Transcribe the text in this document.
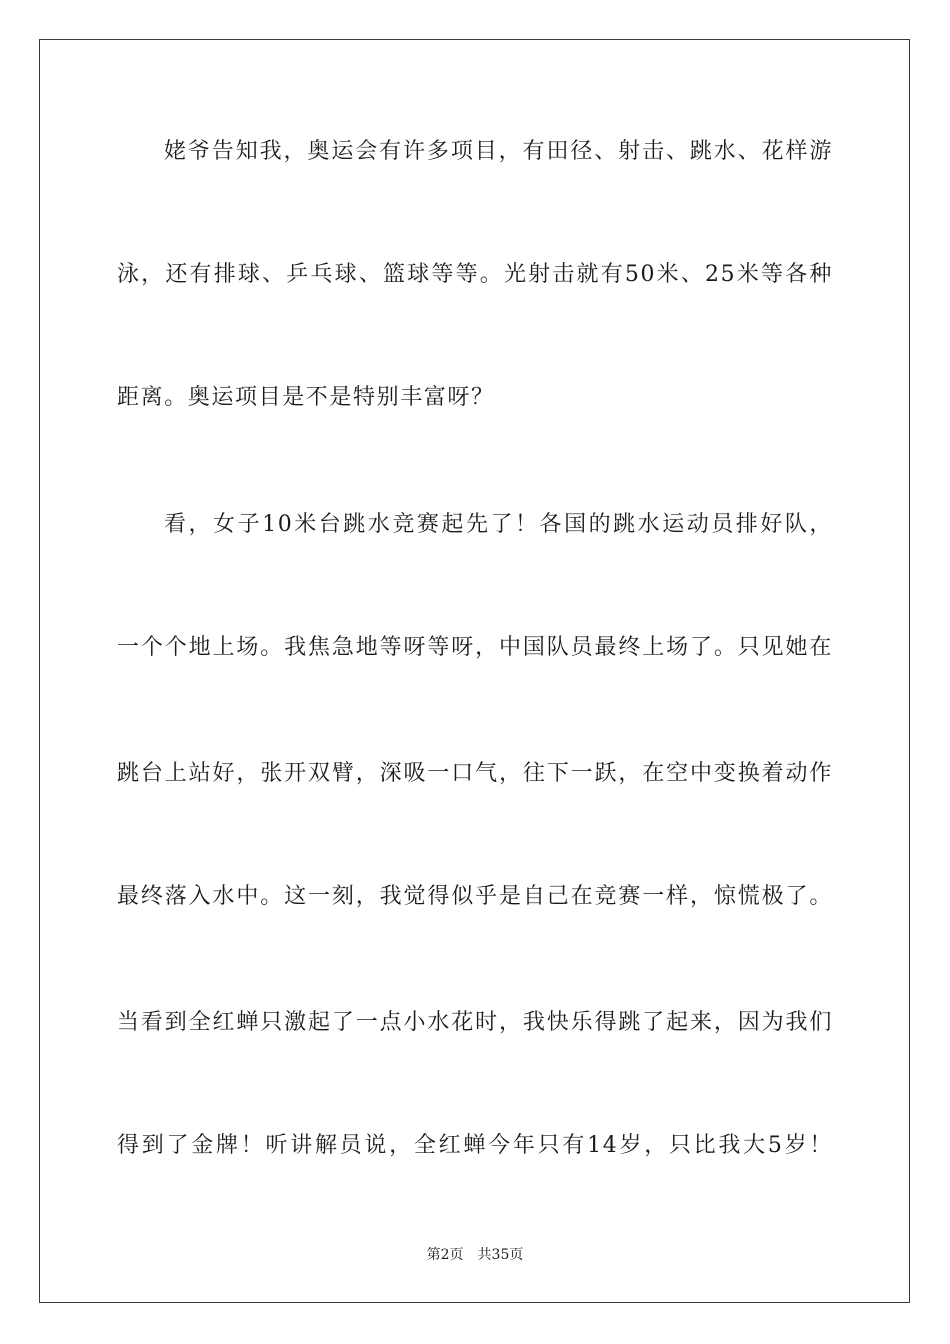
姥爷告知我，奥运会有许多项目，有田径、射击、跳水、花样游
泳，还有排球、乒乓球、篮球等等。光射击就有50米、25米等各种
距离。奥运项目是不是特别丰富呀？
看，女子10米台跳水竞赛起先了！各国的跳水运动员排好队，
一个个地上场。我焦急地等呀等呀，中国队员最终上场了。只见她在
跳台上站好，张开双臂，深吸一口气，往下一跃，在空中变换着动作
最终落入水中。这一刻，我觉得似乎是自己在竞赛一样，惊慌极了。
当看到全红蝉只激起了一点小水花时，我快乐得跳了起来，因为我们
得到了金牌！听讲解员说，全红蝉今年只有14岁，只比我大5岁！
第2页　共35页
